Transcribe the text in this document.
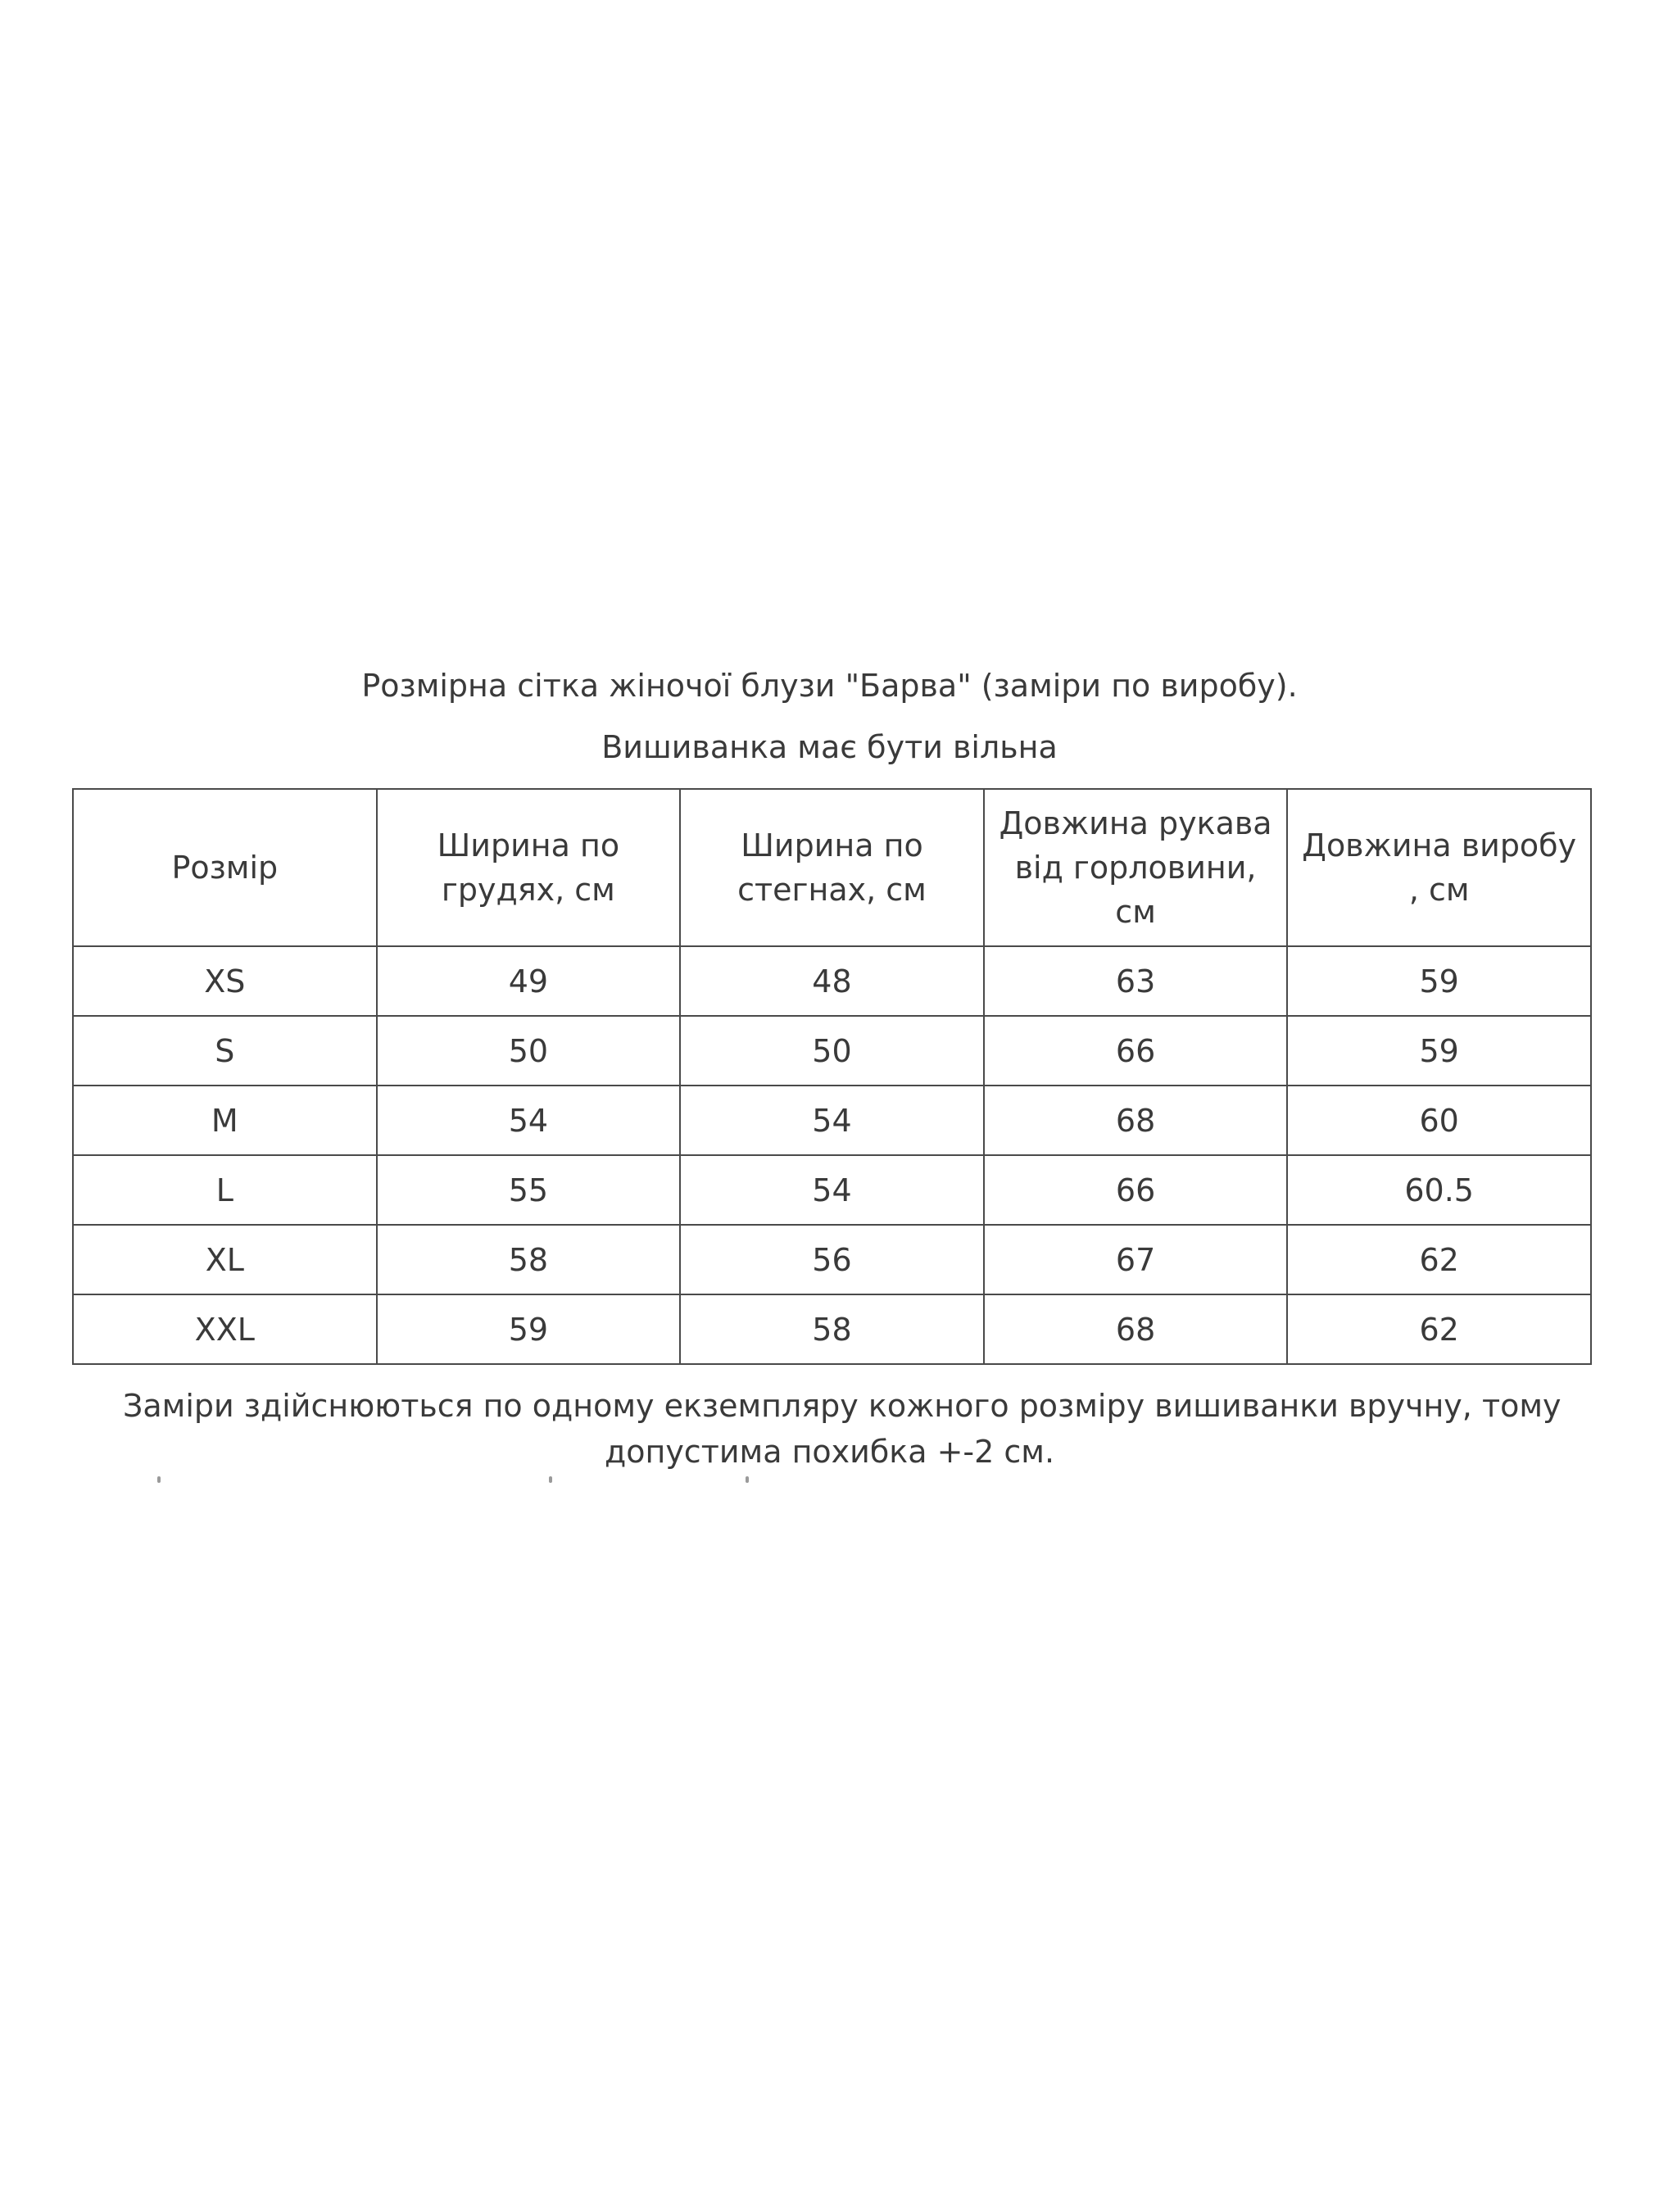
Розмірна сітка жіночої блузи "Барва" (заміри по виробу).
Вишиванка має бути вільна
Розмір	Ширина по грудях, см	Ширина по стегнах, см	Довжина рукава від горловини, см	Довжина виробу , см
XS	49	48	63	59
S	50	50	66	59
M	54	54	68	60
L	55	54	66	60.5
XL	58	56	67	62
XXL	59	58	68	62
Заміри здійснюються по одному екземпляру кожного розміру вишиванки вручну, тому
допустима похибка +-2 см.
